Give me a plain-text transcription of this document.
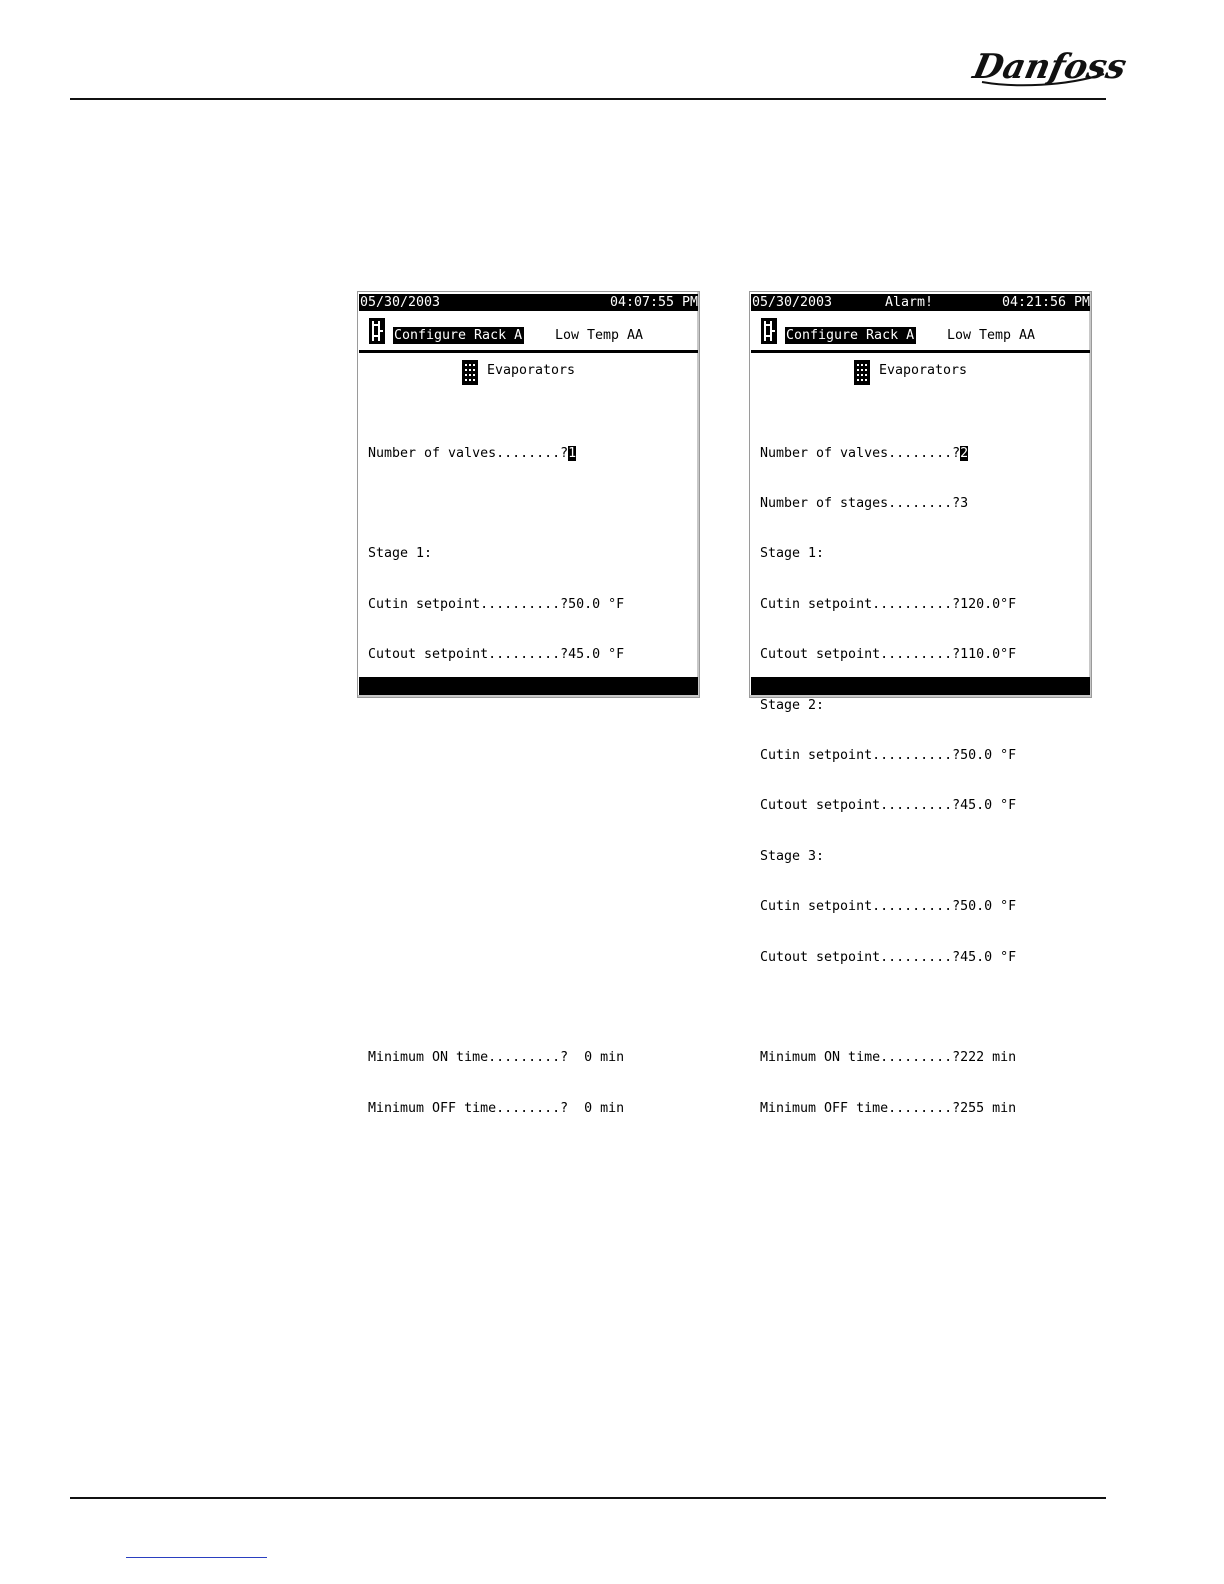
Danfoss

05/30/2003

	04:07:55 PM

Configure Rack A

Low Temp AA

Evaporators

Number of valves........?1

Stage 1:

Cutin setpoint..........?50.0 °F

Cutout setpoint.........?45.0 °F

Minimum ON time.........?  0 min

Minimum OFF time........?  0 min

05/30/2003

	Alarm!

	04:21:56 PM

Configure Rack A

Low Temp AA

Evaporators

Number of valves........?2

Number of stages........?3

Stage 1:

Cutin setpoint..........?120.0°F

Cutout setpoint.........?110.0°F

Stage 2:

Cutin setpoint..........?50.0 °F

Cutout setpoint.........?45.0 °F

Stage 3:

Cutin setpoint..........?50.0 °F

Cutout setpoint.........?45.0 °F

Minimum ON time.........?222 min

Minimum OFF time........?255 min
